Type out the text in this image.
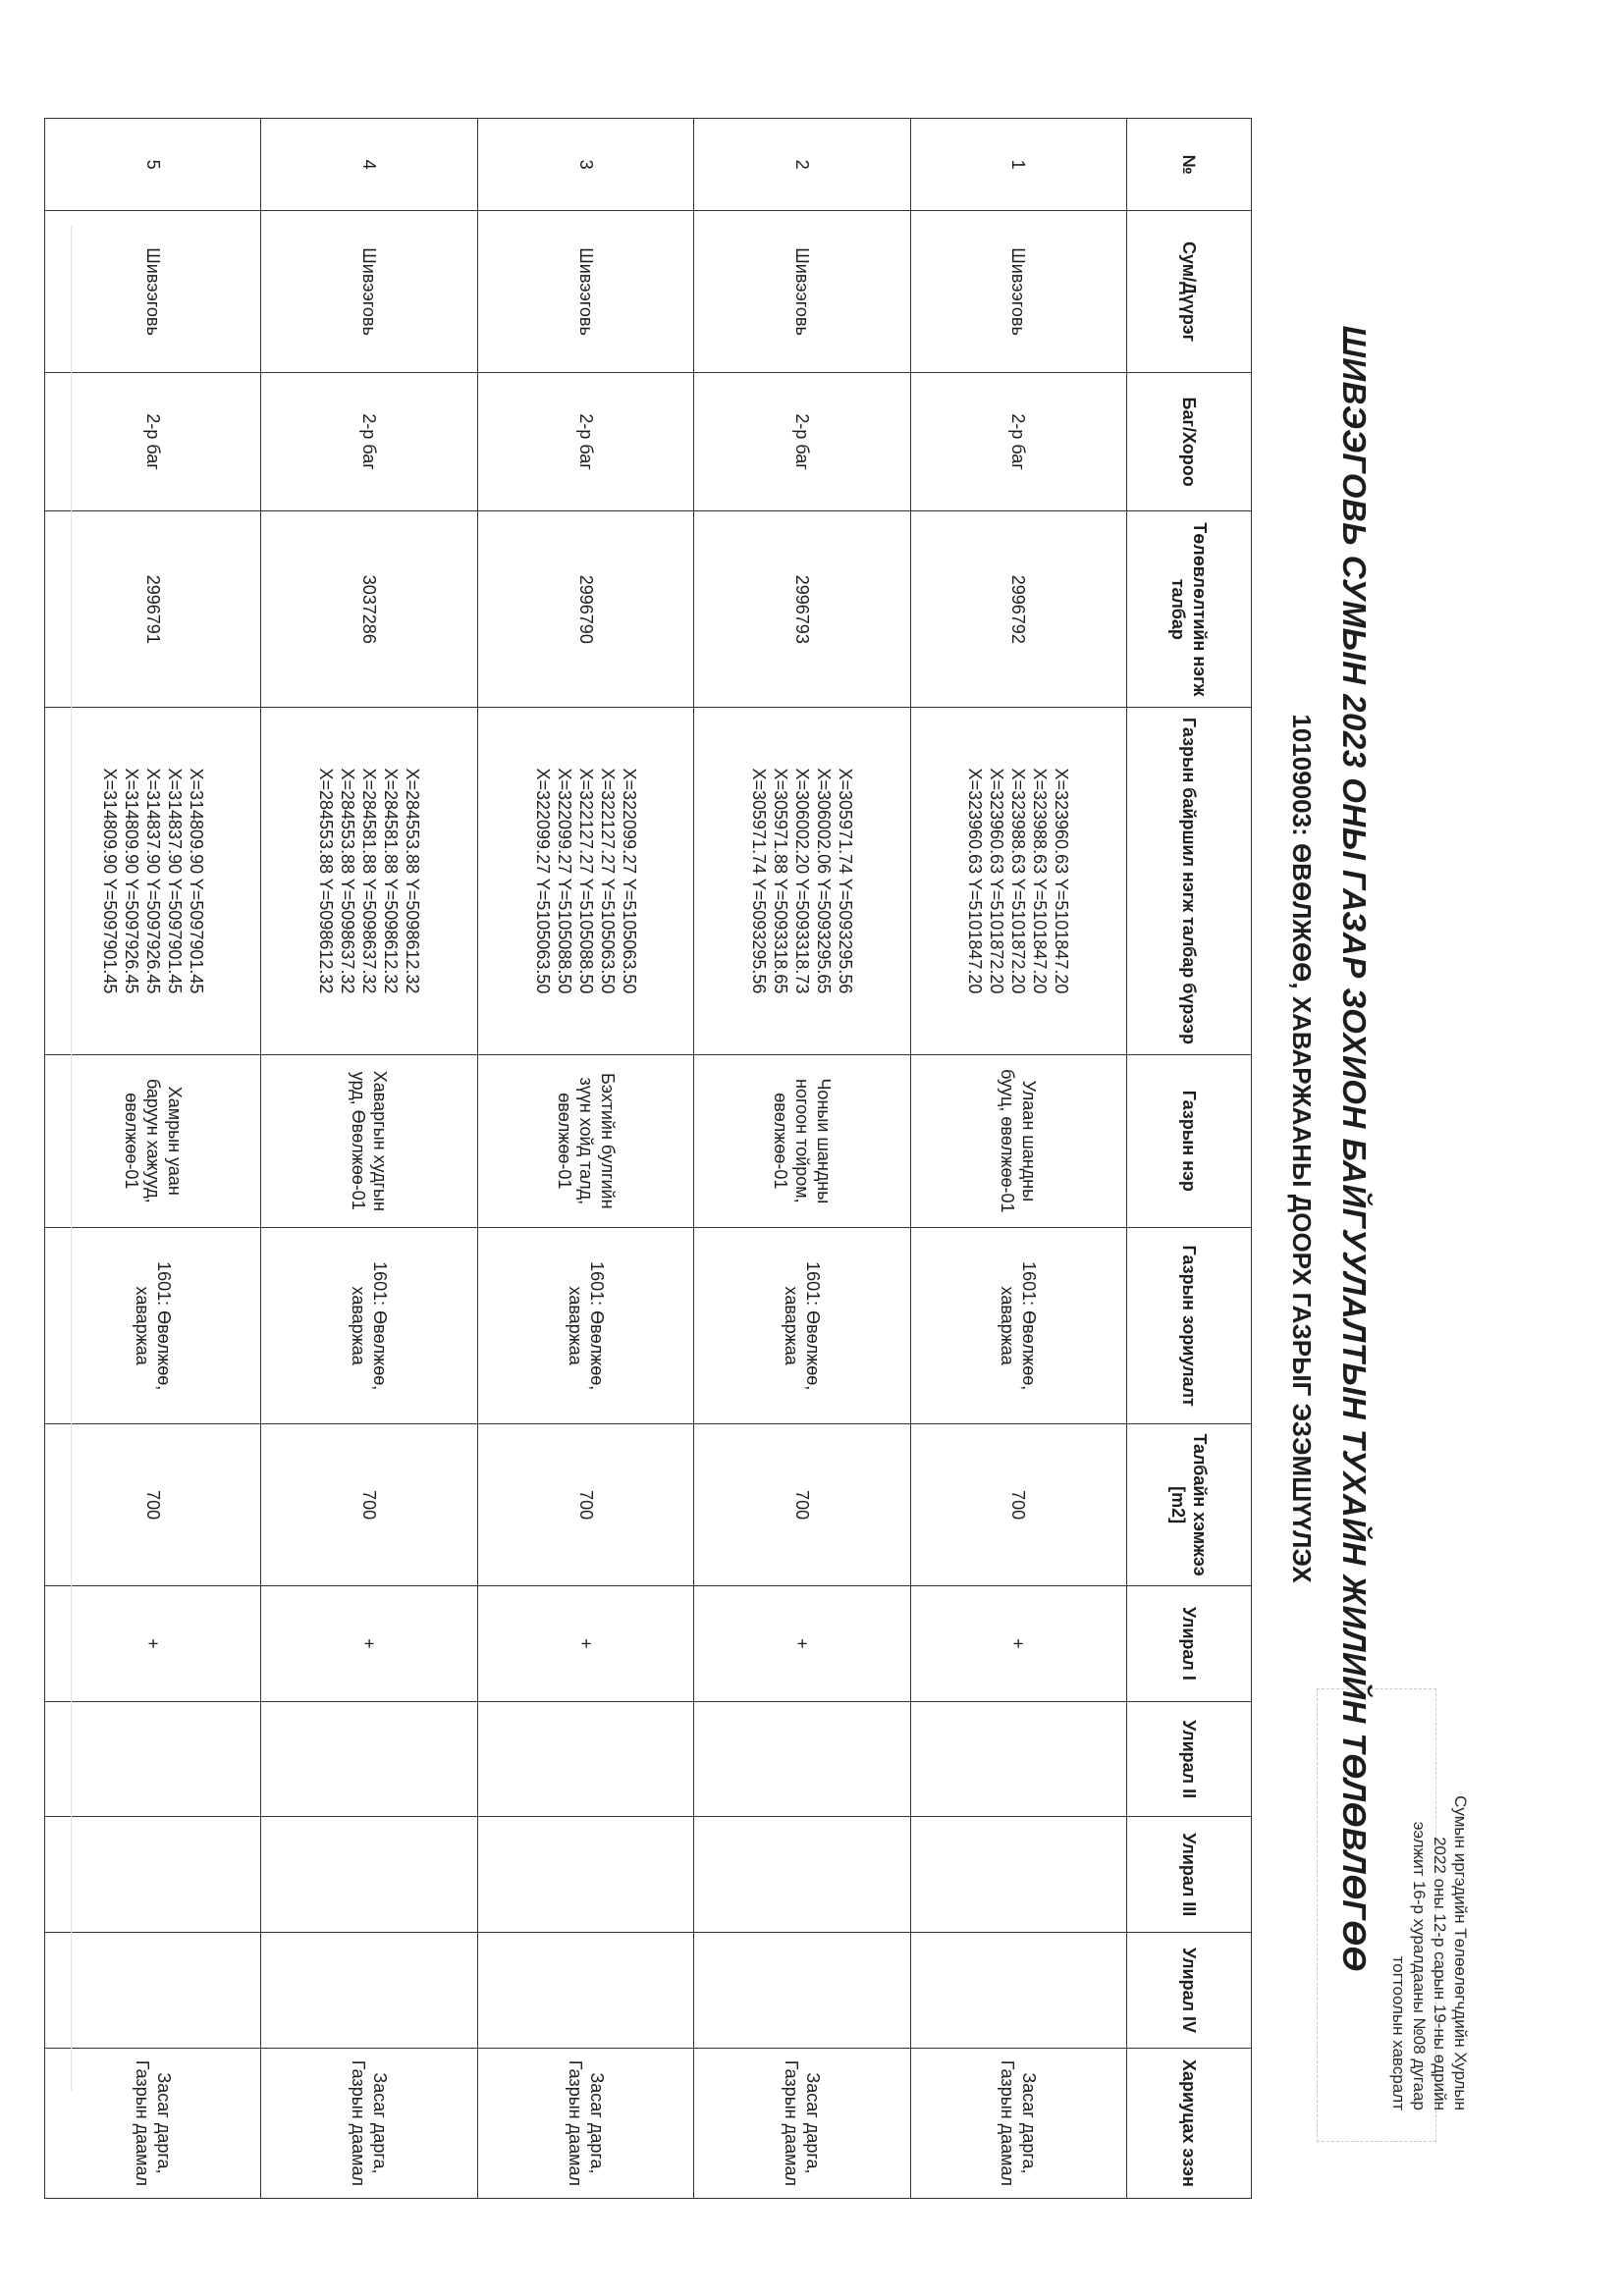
Сумын иргэдийн Төлөөлөгчдийн Хурлын
2022 оны 12-р сарын 19-ны өдрийн
ээлжит 16-р хуралдааны №08 дугаар
тогтоолын хавсралт
ШИВЭЭГОВЬ СУМЫН 2023 ОНЫ ГАЗАР ЗОХИОН БАЙГУУЛАЛТЫН ТУХАЙН ЖИЛИЙН ТӨЛӨВЛӨГӨӨ
10109003: ӨВӨЛЖӨӨ, ХАВАРЖААНЫ ДООРХ ГАЗРЫГ ЭЗЭМШҮҮЛЭХ
№	Сум/Дүүрэг	Баг/Хороо	Төлөвлөлтийн нэгж талбар	Газрын байршил нэгж талбар бүрээр	Газрын нэр	Газрын зориулалт	Талбайн хэмжээ [m2]	Улирал I	Улирал II	Улирал III	Улирал IV	Хариуцах эзэн
1	Шивээговь	2-р баг	2996792	X=323960.63 Y=5101847.20
X=323988.63 Y=5101847.20
X=323988.63 Y=5101872.20
X=323960.63 Y=5101872.20
X=323960.63 Y=5101847.20	Улаан шандны бууц, өвөлжөө-01	1601: Өвөлжөө, хаваржаа	700	+				Засаг дарга, Газрын даамал
2	Шивээговь	2-р баг	2996793	X=305971.74 Y=5093295.56
X=306002.06 Y=5093295.65
X=306002.20 Y=5093318.73
X=305971.88 Y=5093318.65
X=305971.74 Y=5093295.56	Чоныи шандны ногоон тойром, өвөлжөө-01	1601: Өвөлжөө, хаваржаа	700	+				Засаг дарга, Газрын даамал
3	Шивээговь	2-р баг	2996790	X=322099.27 Y=5105063.50
X=322127.27 Y=5105063.50
X=322127.27 Y=5105088.50
X=322099.27 Y=5105088.50
X=322099.27 Y=5105063.50	Бэхтийн булгийн зүүн хойд талд, өвөлжөө-01	1601: Өвөлжөө, хаваржаа	700	+				Засаг дарга, Газрын даамал
4	Шивээговь	2-р баг	3037286	X=284553.88 Y=5098612.32
X=284581.88 Y=5098612.32
X=284581.88 Y=5098637.32
X=284553.88 Y=5098637.32
X=284553.88 Y=5098612.32	Хаваргын худгын урд, Өвөлжөө-01	1601: Өвөлжөө, хаваржаа	700	+				Засаг дарга, Газрын даамал
5	Шивээговь	2-р баг	2996791	X=314809.90 Y=5097901.45
X=314837.90 Y=5097901.45
X=314837.90 Y=5097926.45
X=314809.90 Y=5097926.45
X=314809.90 Y=5097901.45	Хамрын уаан баруун хажууд, өвөлжөө-01	1601: Өвөлжөө, хаваржаа	700	+				Засаг дарга, Газрын даамал
